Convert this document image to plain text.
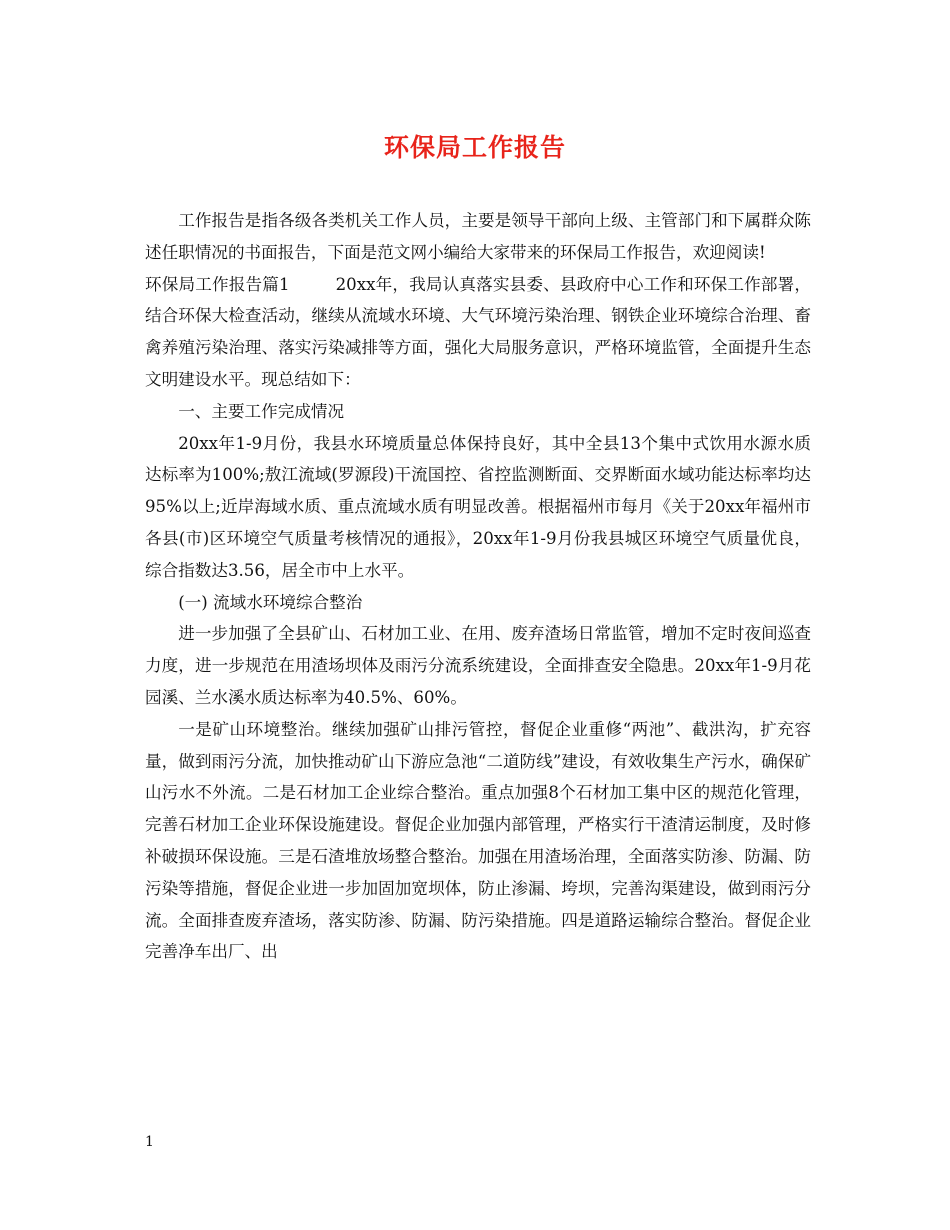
环保局工作报告

工作报告是指各级各类机关工作人员，主要是领导干部向上级、主管部门和下属群众陈述任职情况的书面报告，下面是范文网小编给大家带来的环保局工作报告，欢迎阅读!

环保局工作报告篇1	20xx年，我局认真落实县委、县政府中心工作和环保工作部署，结合环保大检查活动，继续从流域水环境、大气环境污染治理、钢铁企业环境综合治理、畜禽养殖污染治理、落实污染减排等方面，强化大局服务意识，严格环境监管，全面提升生态文明建设水平。现总结如下：

一、主要工作完成情况

20xx年1-9月份，我县水环境质量总体保持良好，其中全县13个集中式饮用水源水质达标率为100%;敖江流域(罗源段)干流国控、省控监测断面、交界断面水域功能达标率均达95%以上;近岸海域水质、重点流域水质有明显改善。根据福州市每月《关于20xx年福州市各县(市)区环境空气质量考核情况的通报》，20xx年1-9月份我县城区环境空气质量优良，综合指数达3.56，居全市中上水平。

(一) 流域水环境综合整治

进一步加强了全县矿山、石材加工业、在用、废弃渣场日常监管，增加不定时夜间巡查力度，进一步规范在用渣场坝体及雨污分流系统建设，全面排查安全隐患。20xx年1-9月花园溪、兰水溪水质达标率为40.5%、60%。

一是矿山环境整治。继续加强矿山排污管控，督促企业重修“两池”、截洪沟，扩充容量，做到雨污分流，加快推动矿山下游应急池“二道防线”建设，有效收集生产污水，确保矿山污水不外流。二是石材加工企业综合整治。重点加强8个石材加工集中区的规范化管理，完善石材加工企业环保设施建设。督促企业加强内部管理，严格实行干渣清运制度，及时修补破损环保设施。三是石渣堆放场整合整治。加强在用渣场治理，全面落实防渗、防漏、防污染等措施，督促企业进一步加固加宽坝体，防止渗漏、垮坝，完善沟渠建设，做到雨污分流。全面排查废弃渣场，落实防渗、防漏、防污染措施。四是道路运输综合整治。督促企业完善净车出厂、出

1
